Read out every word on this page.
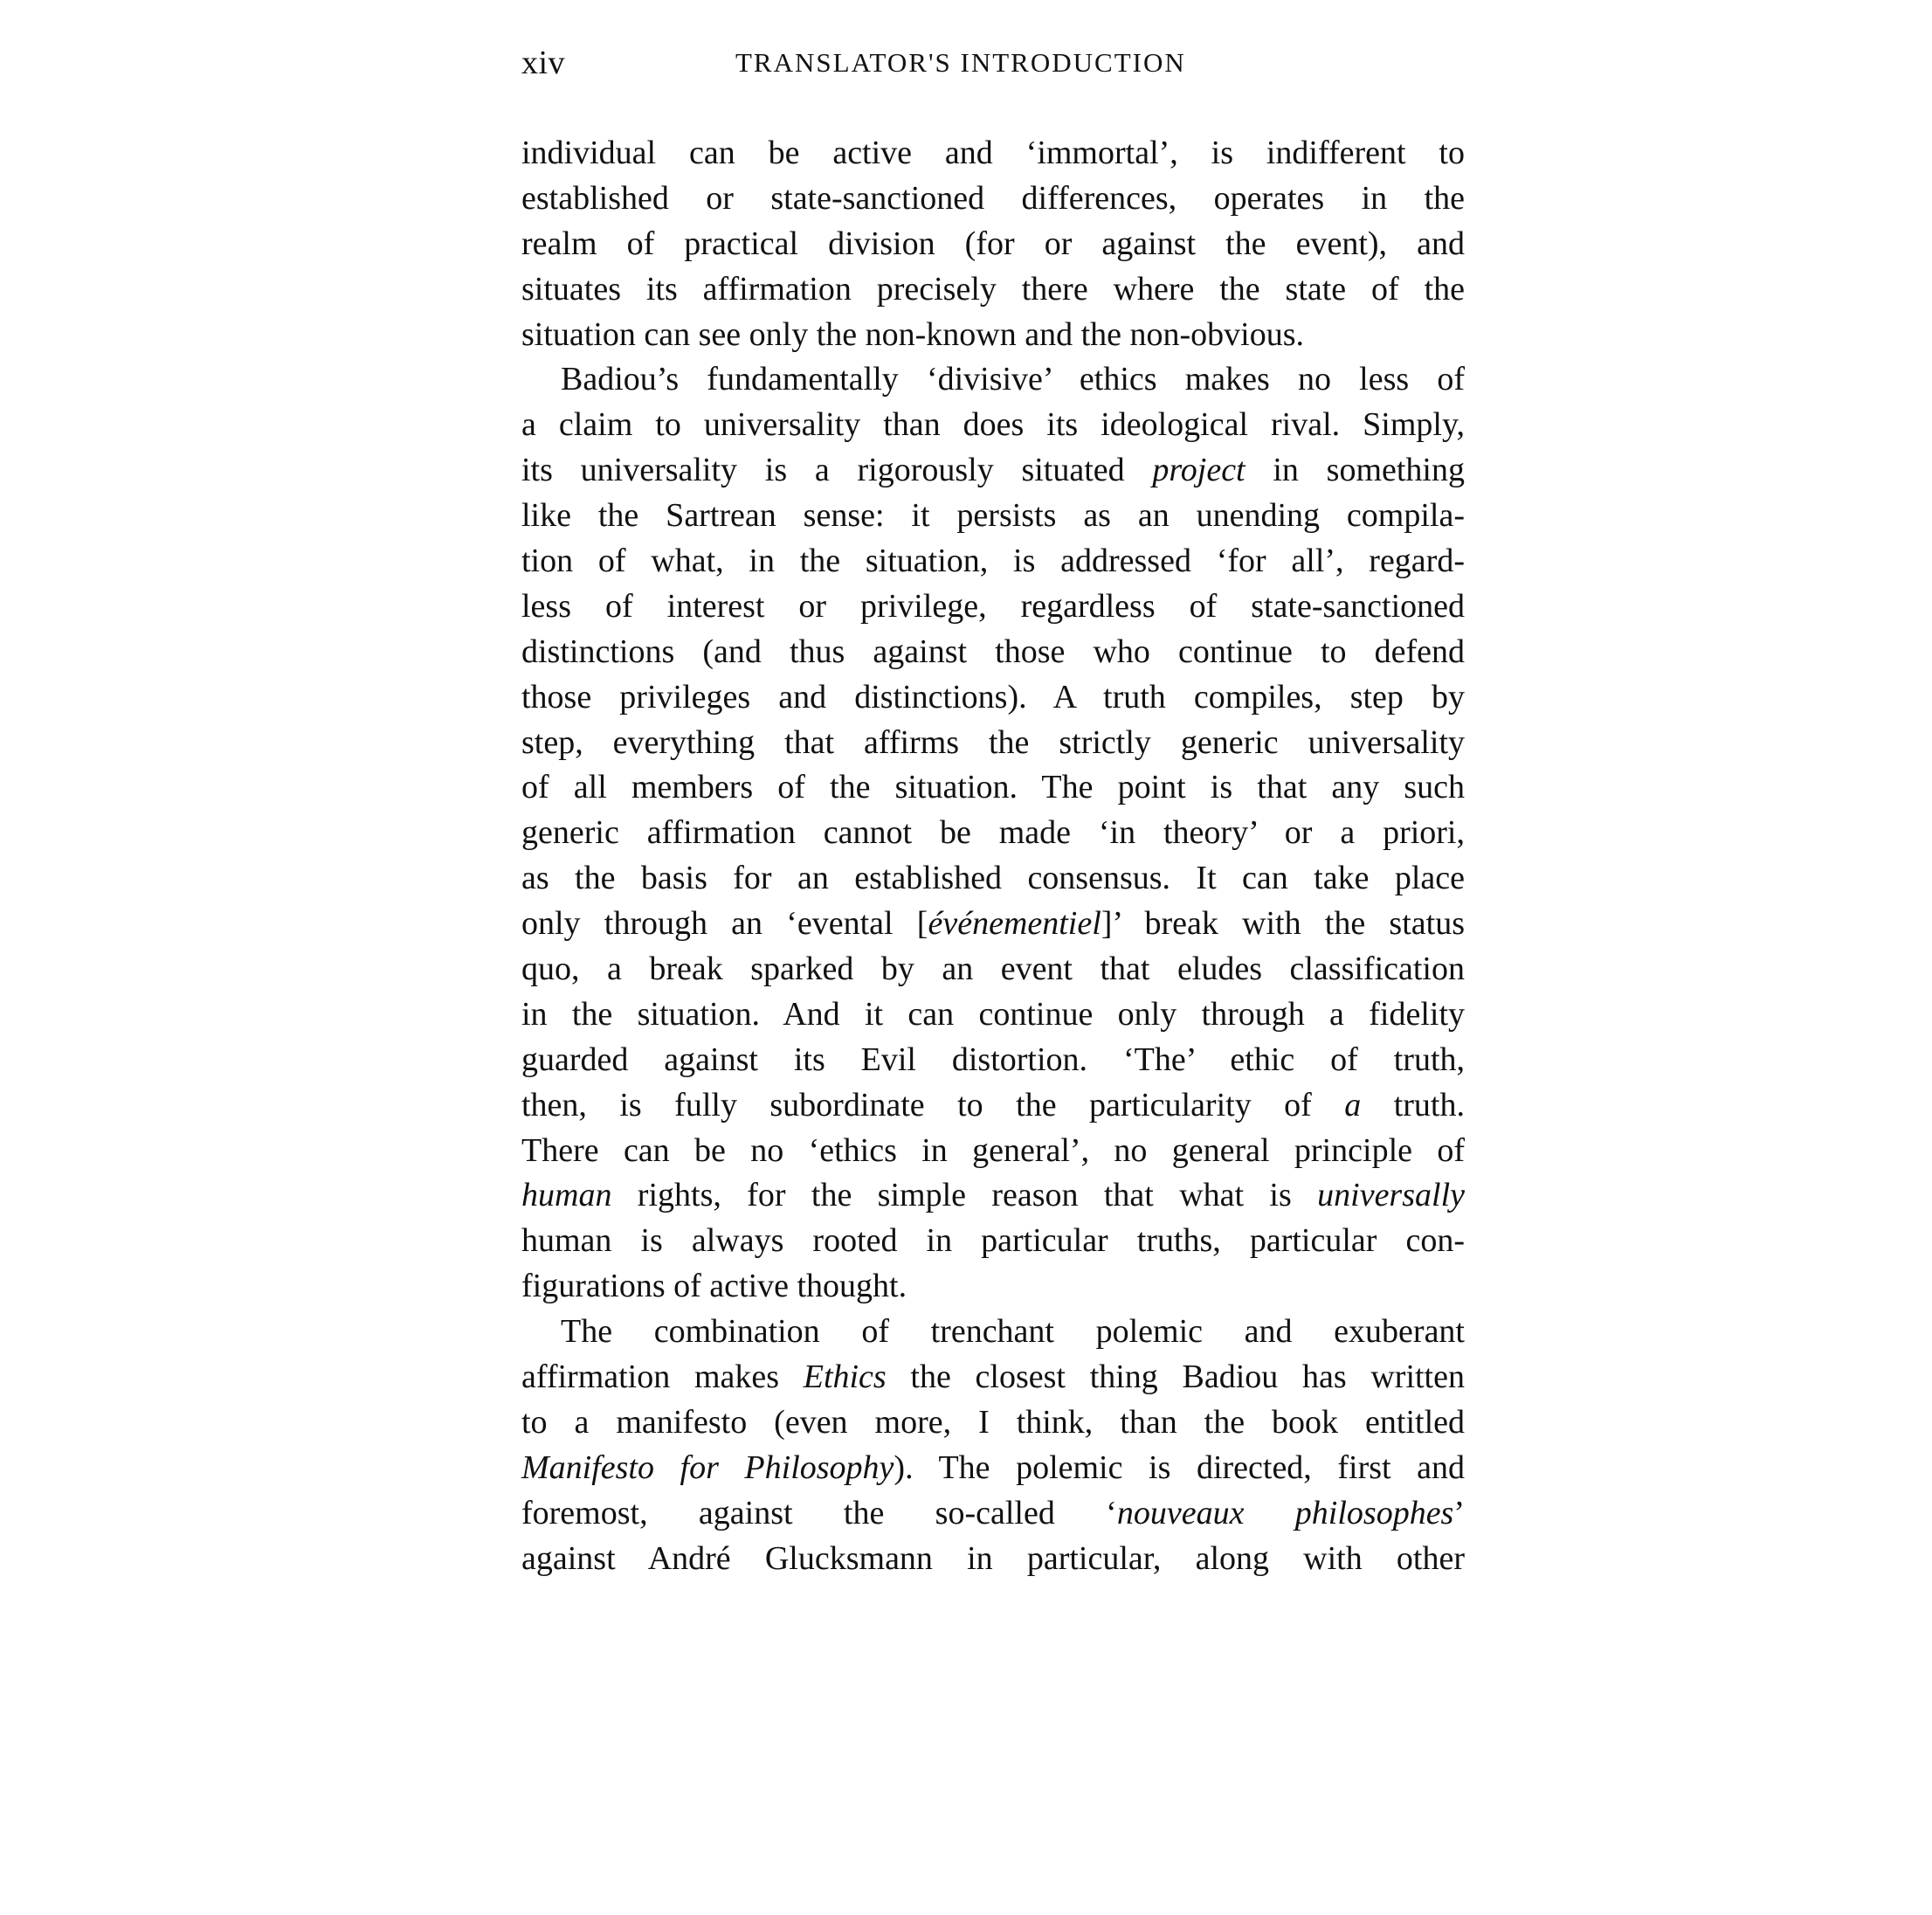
xiv	TRANSLATOR'S INTRODUCTION
individual can be active and ‘immortal’, is indifferent to
established or state-sanctioned differences, operates in the
realm of practical division (for or against the event), and
situates its affirmation precisely there where the state of the
situation can see only the non-known and the non-obvious.
Badiou’s fundamentally ‘divisive’ ethics makes no less of
a claim to universality than does its ideological rival. Simply,
its universality is a rigorously situated project in something
like the Sartrean sense: it persists as an unending compila-
tion of what, in the situation, is addressed ‘for all’, regard-
less of interest or privilege, regardless of state-sanctioned
distinctions (and thus against those who continue to defend
those privileges and distinctions). A truth compiles, step by
step, everything that affirms the strictly generic universality
of all members of the situation. The point is that any such
generic affirmation cannot be made ‘in theory’ or a priori,
as the basis for an established consensus. It can take place
only through an ‘evental [événementiel]’ break with the status
quo, a break sparked by an event that eludes classification
in the situation. And it can continue only through a fidelity
guarded against its Evil distortion. ‘The’ ethic of truth,
then, is fully subordinate to the particularity of a truth.
There can be no ‘ethics in general’, no general principle of
human rights, for the simple reason that what is universally
human is always rooted in particular truths, particular con-
figurations of active thought.
The combination of trenchant polemic and exuberant
affirmation makes Ethics the closest thing Badiou has written
to a manifesto (even more, I think, than the book entitled
Manifesto for Philosophy). The polemic is directed, first and
foremost, against the so-called ‘nouveaux philosophes’
against André Glucksmann in particular, along with other
